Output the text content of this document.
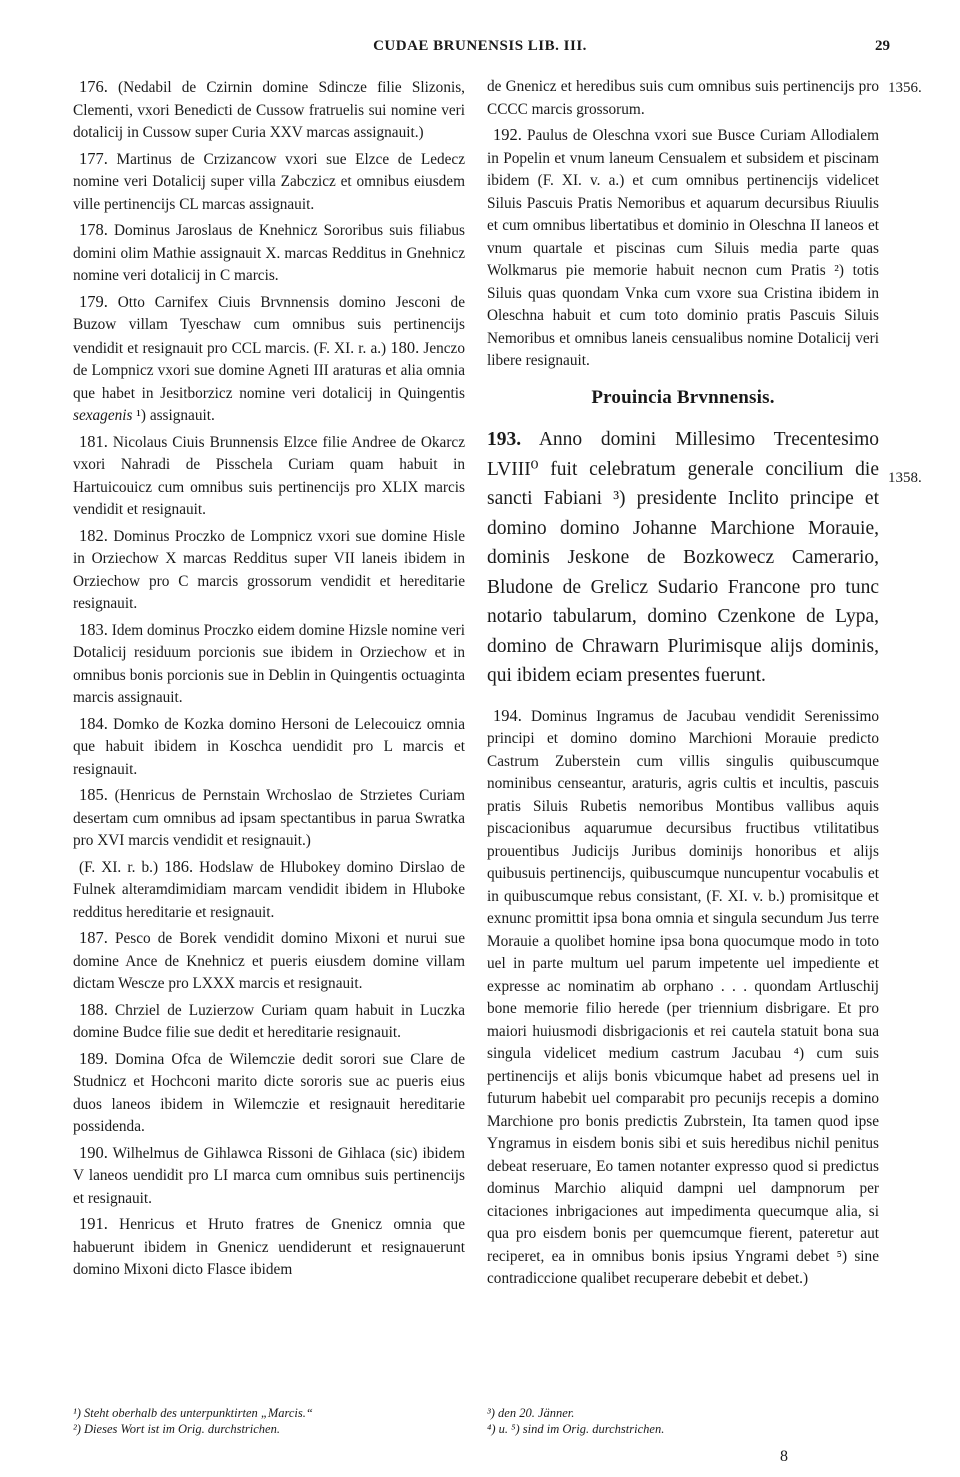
CUDAE BRUNENSIS LIB. III.	29
1356.
1358.

176. (Nedabil de Czirnin domine Sdincze filie Slizonis, Clementi, vxori Benedicti de Cussow fratruelis sui nomine veri dotalicij in Cussow super Curia XXV marcas assignauit.)

177. Martinus de Crzizancow vxori sue Elzce de Ledecz nomine veri Dotalicij super villa Zabczicz et omnibus eiusdem ville pertinencijs CL marcas assignauit.

178. Dominus Jaroslaus de Knehnicz Sororibus suis filiabus domini olim Mathie assignauit X. marcas Redditus in Gnehnicz nomine veri dotalicij in C marcis.

179. Otto Carnifex Ciuis Brvnnensis domino Jesconi de Buzow villam Tyeschaw cum omnibus suis pertinencijs vendidit et resignauit pro CCL marcis. (F. XI. r. a.) 180. Jenczo de Lompnicz vxori sue domine Agneti III araturas et alia omnia que habet in Jesitborzicz nomine veri dotalicij in Quingentis sexagenis ¹) assignauit.

181. Nicolaus Ciuis Brunnensis Elzce filie Andree de Okarcz vxori Nahradi de Pisschela Curiam quam habuit in Hartuicouicz cum omnibus suis pertinencijs pro XLIX marcis vendidit et resignauit.

182. Dominus Proczko de Lompnicz vxori sue domine Hisle in Orziechow X marcas Redditus super VII laneis ibidem in Orziechow pro C marcis grossorum vendidit et hereditarie resignauit.

183. Idem dominus Proczko eidem domine Hizsle nomine veri Dotalicij residuum porcionis sue ibidem in Orziechow et in omnibus bonis porcionis sue in Deblin in Quingentis octuaginta marcis assignauit.

184. Domko de Kozka domino Hersoni de Lelecouicz omnia que habuit ibidem in Koschca uendidit pro L marcis et resignauit.

185. (Henricus de Pernstain Wrchoslao de Strzietes Curiam desertam cum omnibus ad ipsam spectantibus in parua Swratka pro XVI marcis vendidit et resignauit.)

(F. XI. r. b.) 186. Hodslaw de Hlubokey domino Dirslao de Fulnek alteramdimidiam marcam vendidit ibidem in Hluboke redditus hereditarie et resignauit.

187. Pesco de Borek vendidit domino Mixoni et nurui sue domine Ance de Knehnicz et pueris eiusdem domine villam dictam Wescze pro LXXX marcis et resignauit.

188. Chrziel de Luzierzow Curiam quam habuit in Luczka domine Budce filie sue dedit et hereditarie resignauit.

189. Domina Ofca de Wilemczie dedit sorori sue Clare de Studnicz et Hochconi marito dicte sororis sue ac pueris eius duos laneos ibidem in Wilemczie et resignauit hereditarie possidenda.

190. Wilhelmus de Gihlawca Rissoni de Gihlaca (sic) ibidem V laneos uendidit pro LI marca cum omnibus suis pertinencijs et resignauit.

191. Henricus et Hruto fratres de Gnenicz omnia que habuerunt ibidem in Gnenicz uendiderunt et resignauerunt domino Mixoni dicto Flasce ibidem

de Gnenicz et heredibus suis cum omnibus suis pertinencijs pro CCCC marcis grossorum.

192. Paulus de Oleschna vxori sue Busce Curiam Allodialem in Popelin et vnum laneum Censualem et subsidem et piscinam ibidem (F. XI. v. a.) et cum omnibus pertinencijs videlicet Siluis Pascuis Pratis Nemoribus et aquarum decursibus Riuulis et cum omnibus libertatibus et dominio in Oleschna II laneos et vnum quartale et piscinas cum Siluis media parte quas Wolkmarus pie memorie habuit necnon cum Pratis ²) totis Siluis quas quondam Vnka cum vxore sua Cristina ibidem in Oleschna habuit et cum toto dominio pratis Pascuis Siluis Nemoribus et omnibus laneis censualibus nomine Dotalicij veri libere resignauit.

Prouincia Brvnnensis.

193. Anno domini Millesimo Trecentesimo LVIII⁰ fuit celebratum generale concilium die sancti Fabiani ³) presidente Inclito principe et domino domino Johanne Marchione Morauie, dominis Jeskone de Bozkowecz Camerario, Bludone de Grelicz Sudario Francone pro tunc notario tabularum, domino Czenkone de Lypa, domino de Chrawarn Plurimisque alijs dominis, qui ibidem eciam presentes fuerunt.

194. Dominus Ingramus de Jacubau vendidit Serenissimo principi et domino domino Marchioni Morauie predicto Castrum Zuberstein cum villis singulis quibuscumque nominibus censeantur, araturis, agris cultis et incultis, pascuis pratis Siluis Rubetis nemoribus Montibus vallibus aquis piscacionibus aquarumue decursibus fructibus vtilitatibus prouentibus Judicijs Juribus dominijs honoribus et alijs quibusuis pertinencijs, quibuscumque nuncupentur vocabulis et in quibuscumque rebus consistant, (F. XI. v. b.) promisitque et exnunc promittit ipsa bona omnia et singula secundum Jus terre Morauie a quolibet homine ipsa bona quocumque modo in toto uel in parte multum uel parum impetente uel impediente et expresse ac nominatim ab orphano . . . quondam Artluschij bone memorie filio herede (per triennium disbrigare. Et pro maiori huiusmodi disbrigacionis et rei cautela statuit bona sua singula videlicet medium castrum Jacubau ⁴) cum suis pertinencijs et alijs bonis vbicumque habet ad presens uel in futurum habebit uel comparabit pro pecunijs recepis a domino Marchione pro bonis predictis Zubrstein, Ita tamen quod ipse Yngramus in eisdem bonis sibi et suis heredibus nichil penitus debeat reseruare, Eo tamen notanter expresso quod si predictus dominus Marchio aliquid dampni uel dampnorum per citaciones inbrigaciones aut impedimenta quecumque alia, si qua pro eisdem bonis per quemcumque fierent, pateretur aut reciperet, ea in omnibus bonis ipsius Yngrami debet ⁵) sine contradiccione qualibet recuperare debebit et debet.)

¹) Steht oberhalb des unterpunktirten „Marcis.“

²) Dieses Wort ist im Orig. durchstrichen.

³) den 20. Jänner.

⁴) u. ⁵) sind im Orig. durchstrichen.

8
